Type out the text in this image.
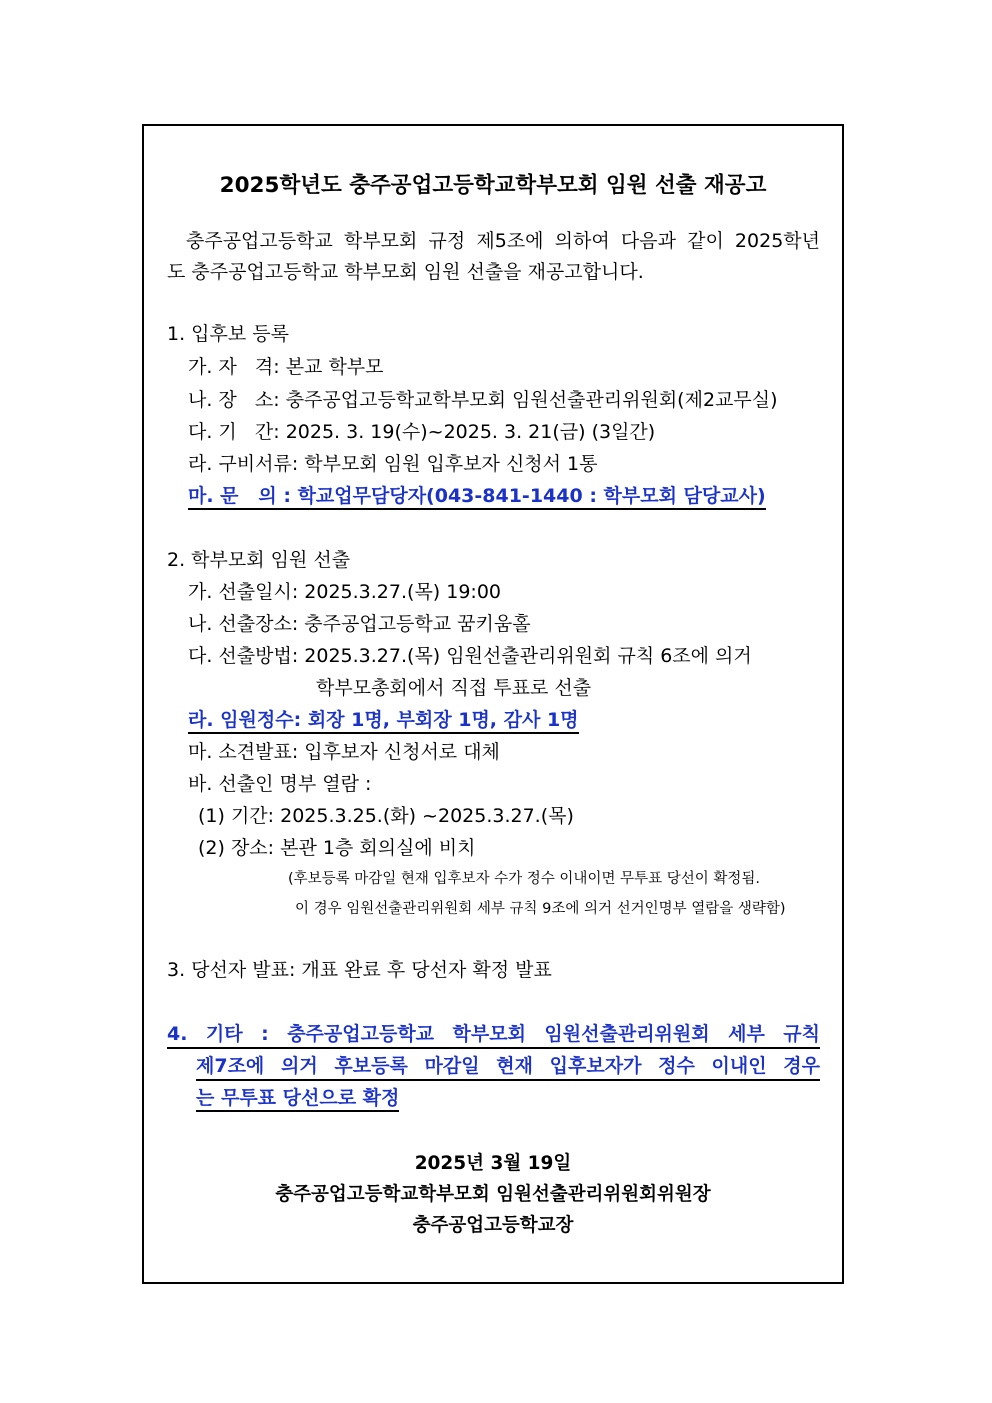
2025학년도 충주공업고등학교학부모회 임원 선출 재공고
충주공업고등학교 학부모회 규정 제5조에 의하여 다음과 같이 2025학년
도 충주공업고등학교 학부모회 임원 선출을 재공고합니다.
1. 입후보 등록
가. 자   격: 본교 학부모
나. 장   소: 충주공업고등학교학부모회 임원선출관리위원회(제2교무실)
다. 기   간: 2025. 3. 19(수)~2025. 3. 21(금) (3일간)
라. 구비서류: 학부모회 임원 입후보자 신청서 1통
마. 문   의 : 학교업무담당자(043-841-1440 : 학부모회 담당교사)
2. 학부모회 임원 선출
가. 선출일시: 2025.3.27.(목) 19:00
나. 선출장소: 충주공업고등학교 꿈키움홀
다. 선출방법: 2025.3.27.(목) 임원선출관리위원회 규칙 6조에 의거
학부모총회에서 직접 투표로 선출
라. 임원정수: 회장 1명, 부회장 1명, 감사 1명
마. 소견발표: 입후보자 신청서로 대체
바. 선출인 명부 열람 :
(1) 기간: 2025.3.25.(화) ~2025.3.27.(목)
(2) 장소: 본관 1층 회의실에 비치
(후보등록 마감일 현재 입후보자 수가 정수 이내이면 무투표 당선이 확정됨.
이 경우 임원선출관리위원회 세부 규칙 9조에 의거 선거인명부 열람을 생략함)
3. 당선자 발표: 개표 완료 후 당선자 확정 발표
4. 기타 : 충주공업고등학교 학부모회 임원선출관리위원회 세부 규칙
제7조에 의거 후보등록 마감일 현재 입후보자가 정수 이내인 경우
는 무투표 당선으로 확정
2025년 3월 19일
충주공업고등학교학부모회 임원선출관리위원회위원장
충주공업고등학교장
